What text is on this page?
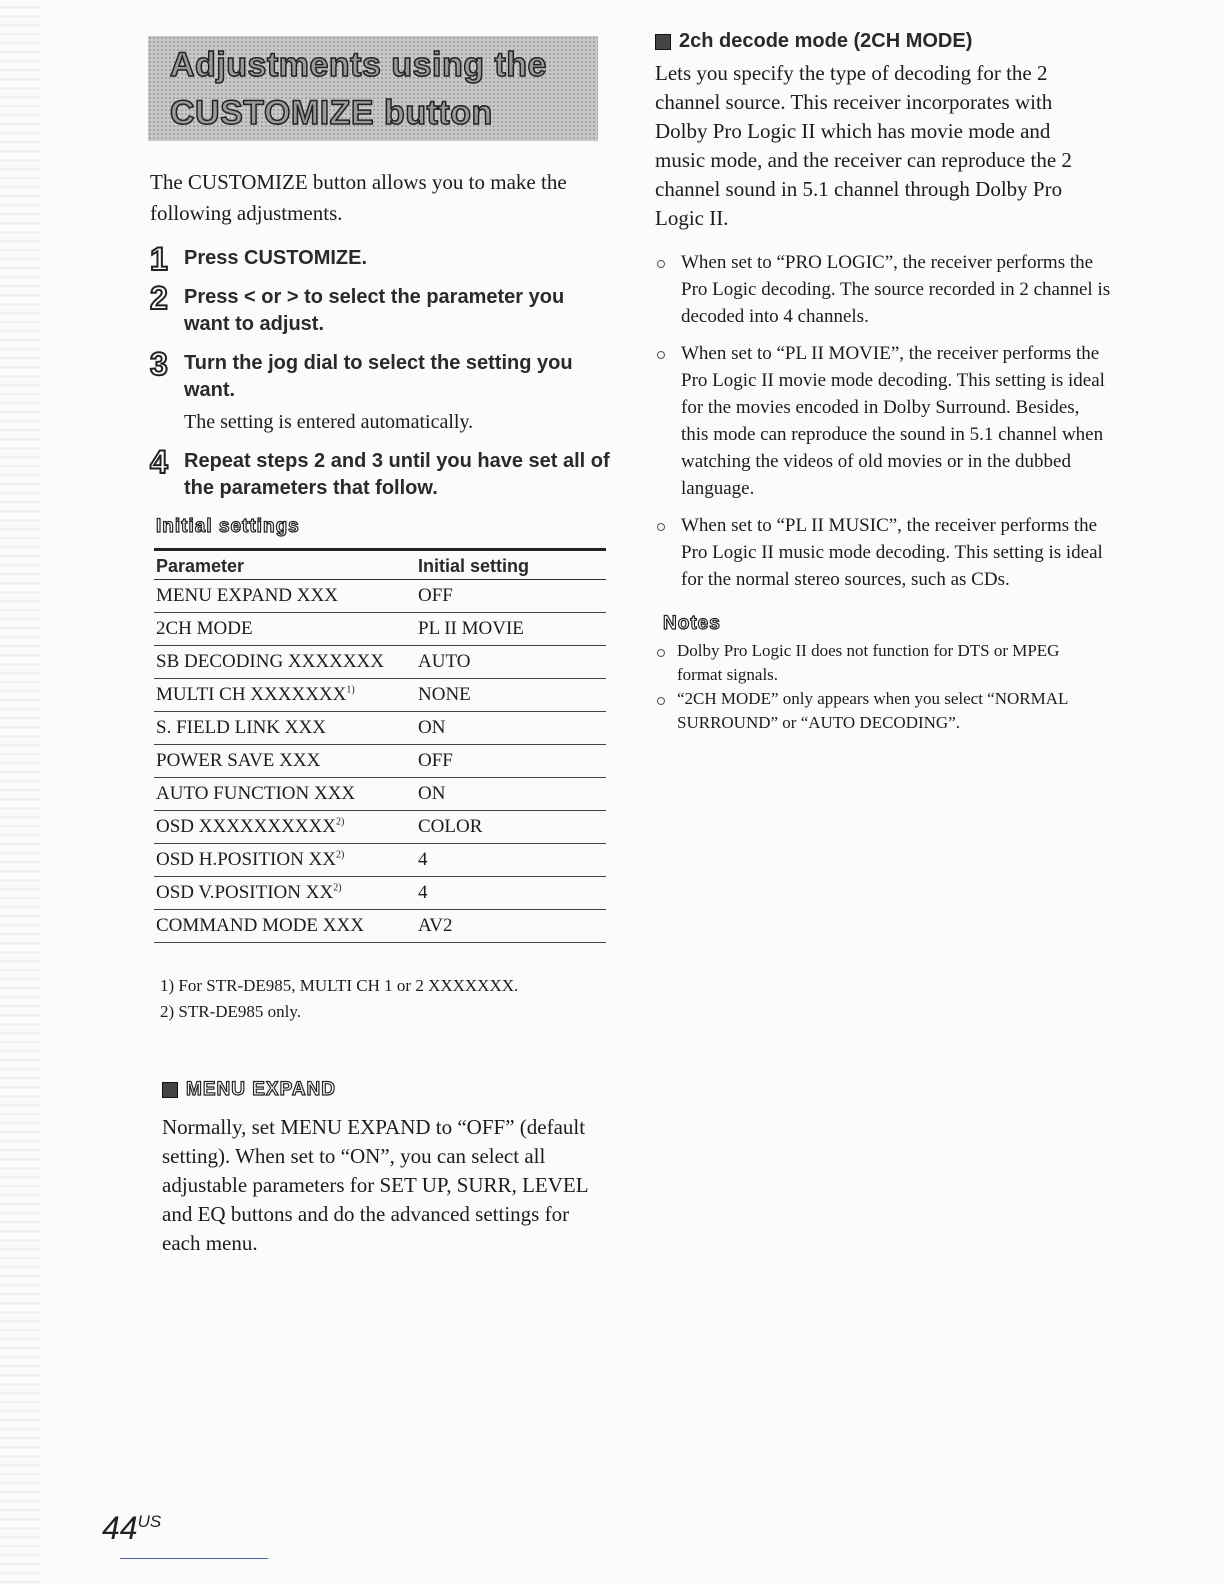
Adjustments using the
CUSTOMIZE button
The CUSTOMIZE button allows you to make the following adjustments.
1 Press CUSTOMIZE.
2 Press < or > to select the parameter you want to adjust.
3 Turn the jog dial to select the setting you want.
The setting is entered automatically.
4 Repeat steps 2 and 3 until you have set all of the parameters that follow.
Initial settings
Parameter	Initial setting
MENU EXPAND XXX	OFF
2CH MODE	PL II MOVIE
SB DECODING XXXXXXX	AUTO
MULTI CH XXXXXXX$^{1)}$	NONE
S. FIELD LINK XXX	ON
POWER SAVE XXX	OFF
AUTO FUNCTION XXX	ON
OSD XXXXXXXXXX$^{2)}$	COLOR
OSD H.POSITION XX$^{2)}$	4
OSD V.POSITION XX$^{2)}$	4
COMMAND MODE XXX	AV2
1) For STR-DE985, MULTI CH 1 or 2 XXXXXXX.
2) STR-DE985 only.
MENU EXPAND
Normally, set MENU EXPAND to “OFF” (default setting). When set to “ON”, you can select all adjustable parameters for SET UP, SURR, LEVEL and EQ buttons and do the advanced settings for each menu.
2ch decode mode (2CH MODE)
Lets you specify the type of decoding for the 2 channel source. This receiver incorporates with Dolby Pro Logic II which has movie mode and music mode, and the receiver can reproduce the 2 channel sound in 5.1 channel through Dolby Pro Logic II.
When set to “PRO LOGIC”, the receiver performs the Pro Logic decoding. The source recorded in 2 channel is decoded into 4 channels.
When set to “PL II MOVIE”, the receiver performs the Pro Logic II movie mode decoding. This setting is ideal for the movies encoded in Dolby Surround. Besides, this mode can reproduce the sound in 5.1 channel when watching the videos of old movies or in the dubbed language.
When set to “PL II MUSIC”, the receiver performs the Pro Logic II music mode decoding. This setting is ideal for the normal stereo sources, such as CDs.
Notes
Dolby Pro Logic II does not function for DTS or MPEG format signals.
“2CH MODE” only appears when you select “NORMAL SURROUND” or “AUTO DECODING”.
$44^{US}$
